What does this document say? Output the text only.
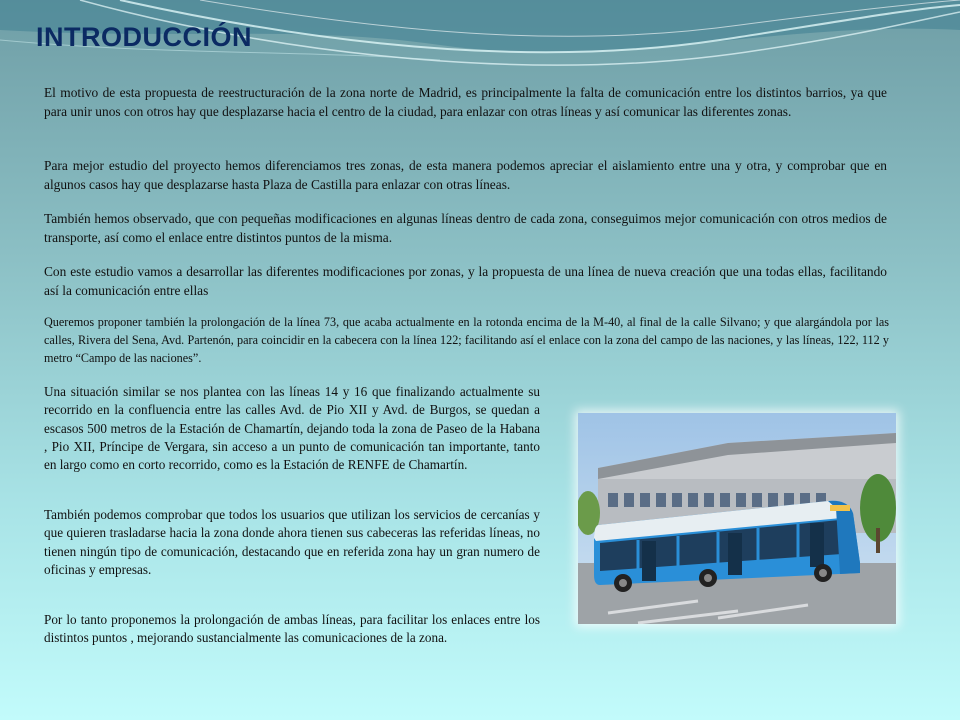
INTRODUCCIÓN

El motivo de esta propuesta de reestructuración de la zona norte de Madrid, es principalmente la falta de comunicación entre los distintos barrios, ya que para unir unos con otros hay que desplazarse hacia el centro de la ciudad, para enlazar con otras líneas y así comunicar las diferentes zonas.

Para mejor estudio del proyecto hemos diferenciamos tres zonas, de esta manera podemos apreciar el aislamiento entre una y otra, y comprobar que en algunos casos hay que desplazarse hasta Plaza de Castilla para enlazar con otras líneas.

También hemos observado, que con pequeñas modificaciones en algunas líneas dentro de cada zona, conseguimos mejor comunicación con otros medios de transporte, así como el enlace entre distintos puntos de la misma.

Con este estudio vamos a desarrollar las diferentes modificaciones por zonas, y la propuesta de una línea de nueva creación que una todas ellas, facilitando así la comunicación entre ellas

Queremos proponer también la prolongación de la línea 73, que acaba actualmente en la rotonda encima de la M-40, al final de la calle Silvano; y que alargándola por las calles, Rivera del Sena, Avd. Partenón, para coincidir en la cabecera con la línea 122; facilitando así el enlace con la zona del campo de las naciones, y las líneas, 122, 112 y metro “Campo de las naciones”.

Una situación similar se nos plantea con las líneas 14 y 16 que finalizando actualmente su recorrido en la confluencia entre las calles Avd. de Pio XII y Avd. de Burgos, se quedan a escasos 500 metros de la Estación de Chamartín, dejando toda la zona de Paseo de la Habana , Pio XII, Príncipe de Vergara, sin acceso a un punto de comunicación tan importante, tanto en largo como en corto recorrido, como es la Estación de RENFE de Chamartín.

También podemos comprobar que todos los usuarios que utilizan los servicios de cercanías y que quieren trasladarse hacia la zona donde ahora tienen sus cabeceras las referidas líneas, no tienen ningún tipo de comunicación, destacando que en referida zona hay un gran numero de oficinas y empresas.

Por lo tanto proponemos la prolongación de ambas líneas, para facilitar los enlaces entre los distintos puntos , mejorando sustancialmente las comunicaciones de la zona.
